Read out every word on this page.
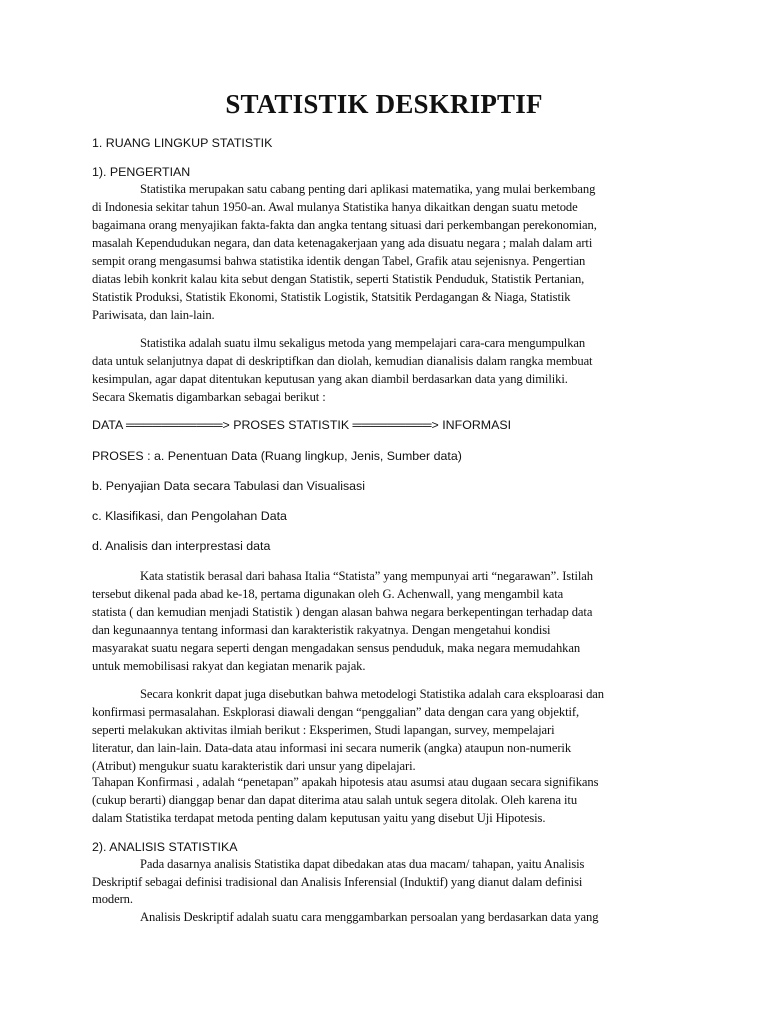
STATISTIK DESKRIPTIF
1. RUANG LINGKUP STATISTIK
1). PENGERTIAN
Statistika merupakan satu cabang penting dari aplikasi matematika, yang mulai berkembang
di Indonesia sekitar tahun 1950-an. Awal mulanya Statistika hanya dikaitkan dengan suatu metode
bagaimana orang menyajikan fakta-fakta dan angka tentang situasi dari perkembangan perekonomian,
masalah Kependudukan negara, dan data ketenagakerjaan yang ada disuatu negara ; malah dalam arti
sempit orang mengasumsi bahwa statistika identik dengan Tabel, Grafik atau sejenisnya. Pengertian
diatas lebih konkrit kalau kita sebut dengan Statistik, seperti Statistik Penduduk, Statistik Pertanian,
Statistik Produksi, Statistik Ekonomi, Statistik Logistik, Statsitik Perdagangan & Niaga, Statistik
Pariwisata, dan lain-lain.
Statistika adalah suatu ilmu sekaligus metoda yang mempelajari cara-cara mengumpulkan
data untuk selanjutnya dapat di deskriptifkan dan diolah, kemudian dianalisis dalam rangka membuat
kesimpulan, agar dapat ditentukan keputusan yang akan diambil berdasarkan data yang dimiliki.
Secara Skematis digambarkan sebagai berikut :
DATA ═══════════> PROSES STATISTIK ═════════> INFORMASI
PROSES : a. Penentuan Data (Ruang lingkup, Jenis, Sumber data)
b. Penyajian Data secara Tabulasi dan Visualisasi
c. Klasifikasi, dan Pengolahan Data
d. Analisis dan interprestasi data
Kata statistik berasal dari bahasa Italia “Statista” yang mempunyai arti “negarawan”. Istilah
tersebut dikenal pada abad ke-18, pertama digunakan oleh G. Achenwall, yang mengambil kata
statista ( dan kemudian menjadi Statistik ) dengan alasan bahwa negara berkepentingan terhadap data
dan kegunaannya tentang informasi dan karakteristik rakyatnya. Dengan mengetahui kondisi
masyarakat suatu negara seperti dengan mengadakan sensus penduduk, maka negara memudahkan
untuk memobilisasi rakyat dan kegiatan menarik pajak.
Secara konkrit dapat juga disebutkan bahwa metodelogi Statistika adalah cara eksploarasi dan
konfirmasi permasalahan. Eskplorasi diawali dengan “penggalian” data dengan cara yang objektif,
seperti melakukan aktivitas ilmiah berikut : Eksperimen, Studi lapangan, survey, mempelajari
literatur, dan lain-lain. Data-data atau informasi ini secara numerik (angka) ataupun non-numerik
(Atribut) mengukur suatu karakteristik dari unsur yang dipelajari.
Tahapan Konfirmasi , adalah “penetapan” apakah hipotesis atau asumsi atau dugaan secara signifikans
(cukup berarti) dianggap benar dan dapat diterima atau salah untuk segera ditolak. Oleh karena itu
dalam Statistika terdapat metoda penting dalam keputusan yaitu yang disebut Uji Hipotesis.
2). ANALISIS STATISTIKA
Pada dasarnya analisis Statistika dapat dibedakan atas dua macam/ tahapan, yaitu Analisis
Deskriptif sebagai definisi tradisional dan Analisis Inferensial (Induktif) yang dianut dalam definisi
modern.
Analisis Deskriptif adalah suatu cara menggambarkan persoalan yang berdasarkan data yang
